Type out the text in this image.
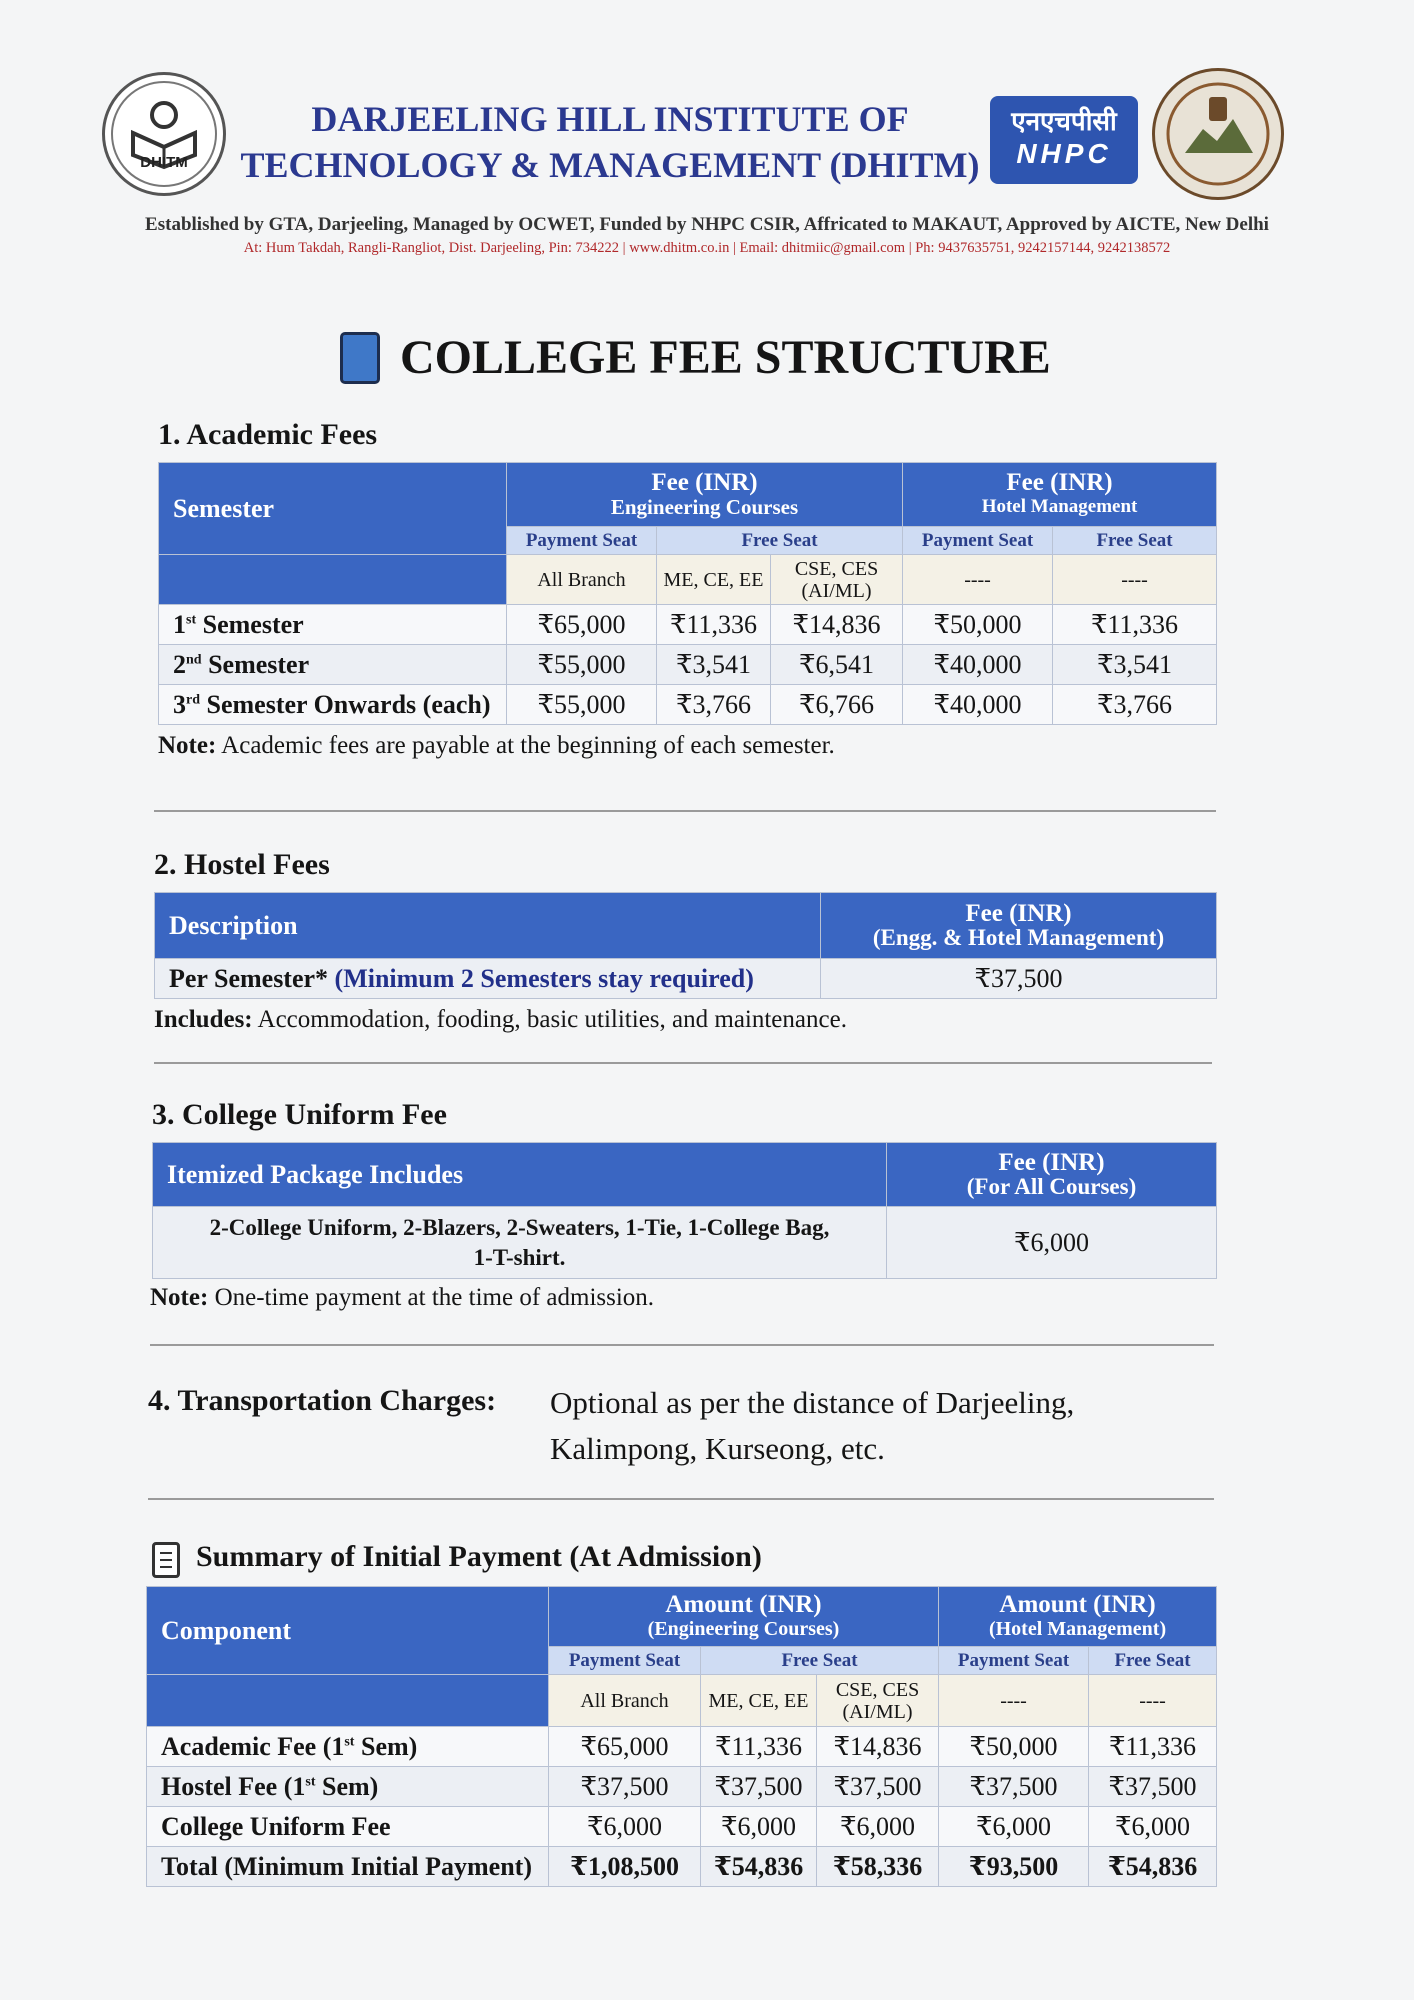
DHITM
DARJEELING HILL INSTITUTE OF
TECHNOLOGY & MANAGEMENT (DHITM)
एनएचपीसी
NHPC
Established by GTA, Darjeeling, Managed by OCWET, Funded by NHPC CSIR, Affricated to MAKAUT, Approved by AICTE, New Delhi
At: Hum Takdah, Rangli-Rangliot, Dist. Darjeeling, Pin: 734222 | www.dhitm.co.in | Email: dhitmiic@gmail.com | Ph: 9437635751, 9242157144, 9242138572
COLLEGE FEE STRUCTURE
1. Academic Fees
Semester	Fee (INR)
Engineering Courses			Fee (INR)
Hotel Management	

	Payment Seat	Free Seat		Payment Seat	Free Seat
	All Branch	ME, CE, EE	CSE, CES (AI/ML)	----	----
1st Semester	₹65,000	₹11,336	₹14,836	₹50,000	₹11,336
2nd Semester	₹55,000	₹3,541	₹6,541	₹40,000	₹3,541
3rd Semester Onwards (each)	₹55,000	₹3,766	₹6,766	₹40,000	₹3,766
Note: Academic fees are payable at the beginning of each semester.
2. Hostel Fees
Description	Fee (INR)
(Engg. & Hotel Management)

Per Semester* (Minimum 2 Semesters stay required)	₹37,500
Includes: Accommodation, fooding, basic utilities, and maintenance.
3. College Uniform Fee
Itemized Package Includes	Fee (INR)
(For All Courses)

2-College Uniform, 2-Blazers, 2-Sweaters, 1-Tie, 1-College Bag,
1-T-shirt.	₹6,000
Note: One-time payment at the time of admission.
4. Transportation Charges: Optional as per the distance of Darjeeling,
Kalimpong, Kurseong, etc.
Summary of Initial Payment (At Admission)
Component	Amount (INR)
(Engineering Courses)			Amount (INR)
(Hotel Management)	

	Payment Seat	Free Seat		Payment Seat	Free Seat
	All Branch	ME, CE, EE	CSE, CES (AI/ML)	----	----
Academic Fee (1st Sem)	₹65,000	₹11,336	₹14,836	₹50,000	₹11,336
Hostel Fee (1st Sem)	₹37,500	₹37,500	₹37,500	₹37,500	₹37,500
College Uniform Fee	₹6,000	₹6,000	₹6,000	₹6,000	₹6,000
Total (Minimum Initial Payment)	₹1,08,500	₹54,836	₹58,336	₹93,500	₹54,836
